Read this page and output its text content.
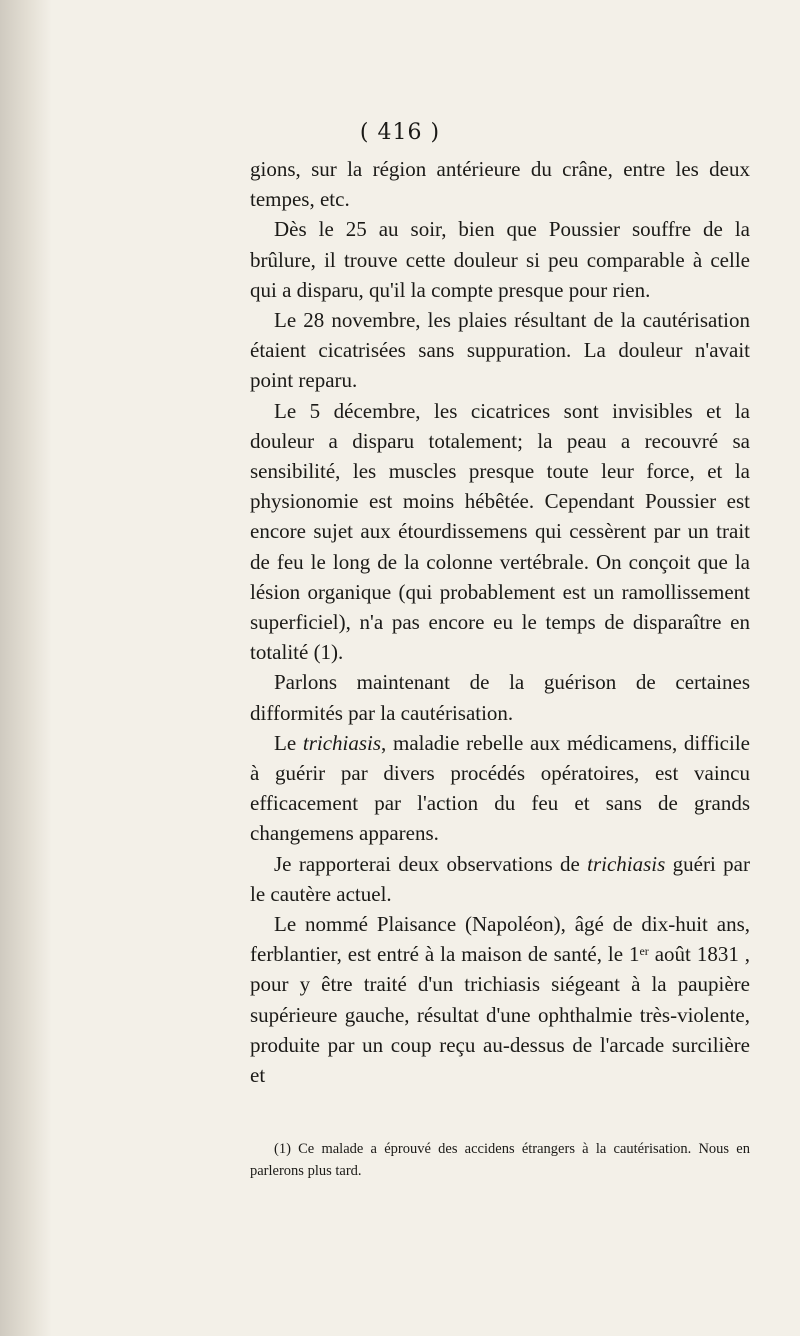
( 416 )

gions, sur la région antérieure du crâne, entre les deux tempes, etc.

Dès le 25 au soir, bien que Poussier souffre de la brûlure, il trouve cette douleur si peu comparable à celle qui a disparu, qu'il la compte presque pour rien.

Le 28 novembre, les plaies résultant de la cautérisation étaient cicatrisées sans suppuration. La douleur n'avait point reparu.

Le 5 décembre, les cicatrices sont invisibles et la douleur a disparu totalement; la peau a recouvré sa sensibilité, les muscles presque toute leur force, et la physionomie est moins hébêtée. Cependant Poussier est encore sujet aux étourdissemens qui cessèrent par un trait de feu le long de la colonne vertébrale. On conçoit que la lésion organique (qui probablement est un ramollissement superficiel), n'a pas encore eu le temps de disparaître en totalité (1).

Parlons maintenant de la guérison de certaines difformités par la cautérisation.

Le trichiasis, maladie rebelle aux médicamens, difficile à guérir par divers procédés opératoires, est vaincu efficacement par l'action du feu et sans de grands changemens apparens.

Je rapporterai deux observations de trichiasis guéri par le cautère actuel.

Le nommé Plaisance (Napoléon), âgé de dix-huit ans, ferblantier, est entré à la maison de santé, le 1er août 1831 , pour y être traité d'un trichiasis siégeant à la paupière supérieure gauche, résultat d'une ophthalmie très-violente, produite par un coup reçu au-dessus de l'arcade surcilière et

(1) Ce malade a éprouvé des accidens étrangers à la cautérisation. Nous en parlerons plus tard.
